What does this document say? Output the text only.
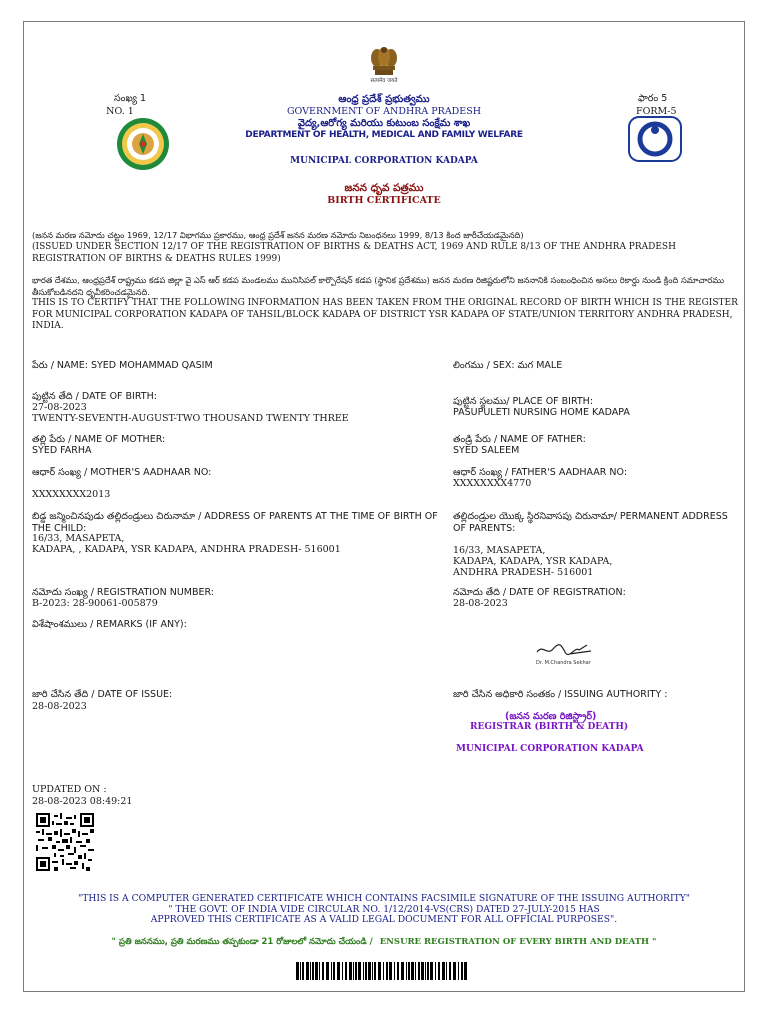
सत्यमेव जयते
సంఖ్య 1
NO. 1
ఫారం 5
FORM-5
ఆంధ్ర ప్రదేశ్ ప్రభుత్వము
GOVERNMENT OF ANDHRA PRADESH
వైద్య,ఆరోగ్య మరియు కుటుంబ సంక్షేమ శాఖ
DEPARTMENT OF HEALTH, MEDICAL AND FAMILY WELFARE
MUNICIPAL CORPORATION KADAPA
జనన ధృవ పత్రము
BIRTH CERTIFICATE
(జనన మరణ నమోదు చట్టం 1969, 12/17 విభాగము ప్రకారము, ఆంధ్ర ప్రదేశ్ జనన మరణ నమోదు నిబంధనలు 1999, 8/13 కింద జారీచేయడమైనది)
(ISSUED UNDER SECTION 12/17 OF THE REGISTRATION OF BIRTHS & DEATHS ACT, 1969 AND RULE 8/13 OF THE ANDHRA PRADESH REGISTRATION OF BIRTHS & DEATHS RULES 1999)
భారత దేశము, ఆంధ్రప్రదేశ్ రాష్ట్రము కడప జిల్లా వై ఎస్ ఆర్ కడప మండలము మునిసిపల్ కార్పొరేషన్ కడప (స్థానిక ప్రదేశము) జనన మరణ రిజిష్టరులోని జననానికి సంబంధించిన అసలు రికార్డు నుండి క్రింది సమాచారము తీసుకోబడినదని ధృవీకరించడమైనది.
THIS IS TO CERTIFY THAT THE FOLLOWING INFORMATION HAS BEEN TAKEN FROM THE ORIGINAL RECORD OF BIRTH WHICH IS THE REGISTER FOR MUNICIPAL CORPORATION KADAPA OF TAHSIL/BLOCK KADAPA OF DISTRICT YSR KADAPA OF STATE/UNION TERRITORY ANDHRA PRADESH, INDIA.
పేరు / NAME: SYED MOHAMMAD QASIM	లింగము / SEX: మగ MALE
పుట్టిన తేది / DATE OF BIRTH:
27-08-2023
TWENTY-SEVENTH-AUGUST-TWO THOUSAND TWENTY THREE
పుట్టిన స్థలము/ PLACE OF BIRTH:
PASUPULETI NURSING HOME KADAPA
తల్లి పేరు / NAME OF MOTHER:
SYED FARHA
తండ్రి పేరు / NAME OF FATHER:
SYED SALEEM
ఆధార్ సంఖ్య / MOTHER'S AADHAAR NO:
XXXXXXXX2013
ఆధార్ సంఖ్య / FATHER'S AADHAAR NO:
XXXXXXXX4770
బిడ్డ జన్మించినపుడు తల్లిదండ్రులు చిరునామా / ADDRESS OF PARENTS AT THE TIME OF BIRTH OF THE CHILD:
16/33, MASAPETA,
KADAPA, , KADAPA, YSR KADAPA, ANDHRA PRADESH- 516001
తల్లిదండ్రుల యొక్క స్థిరనివాసపు చిరునామా/ PERMANENT ADDRESS OF PARENTS:
16/33, MASAPETA,
KADAPA, KADAPA, YSR KADAPA,
ANDHRA PRADESH- 516001
నమోదు సంఖ్య / REGISTRATION NUMBER:
B-2023: 28-90061-005879
నమోదు తేది / DATE OF REGISTRATION:
28-08-2023
విశేషాంశములు / REMARKS (IF ANY):
Dr. M.Chandra Sekhar
జారి చేసిన తేది / DATE OF ISSUE:
28-08-2023
జారి చేసిన అధికారి సంతకం / ISSUING AUTHORITY :
(జనన మరణ రిజిస్ట్రార్)
REGISTRAR (BIRTH & DEATH)
MUNICIPAL CORPORATION KADAPA
UPDATED ON :
28-08-2023 08:49:21
"THIS IS A COMPUTER GENERATED CERTIFICATE WHICH CONTAINS FACSIMILE SIGNATURE OF THE ISSUING AUTHORITY"
" THE GOVT. OF INDIA VIDE CIRCULAR NO. 1/12/2014-VS(CRS) DATED 27-JULY-2015 HAS
APPROVED THIS CERTIFICATE AS A VALID LEGAL DOCUMENT FOR ALL OFFICIAL PURPOSES".
" ప్రతి జననము, ప్రతి మరణము తప్పకుండా 21 రోజులలో నమోదు చేయండి / ENSURE REGISTRATION OF EVERY BIRTH AND DEATH "
